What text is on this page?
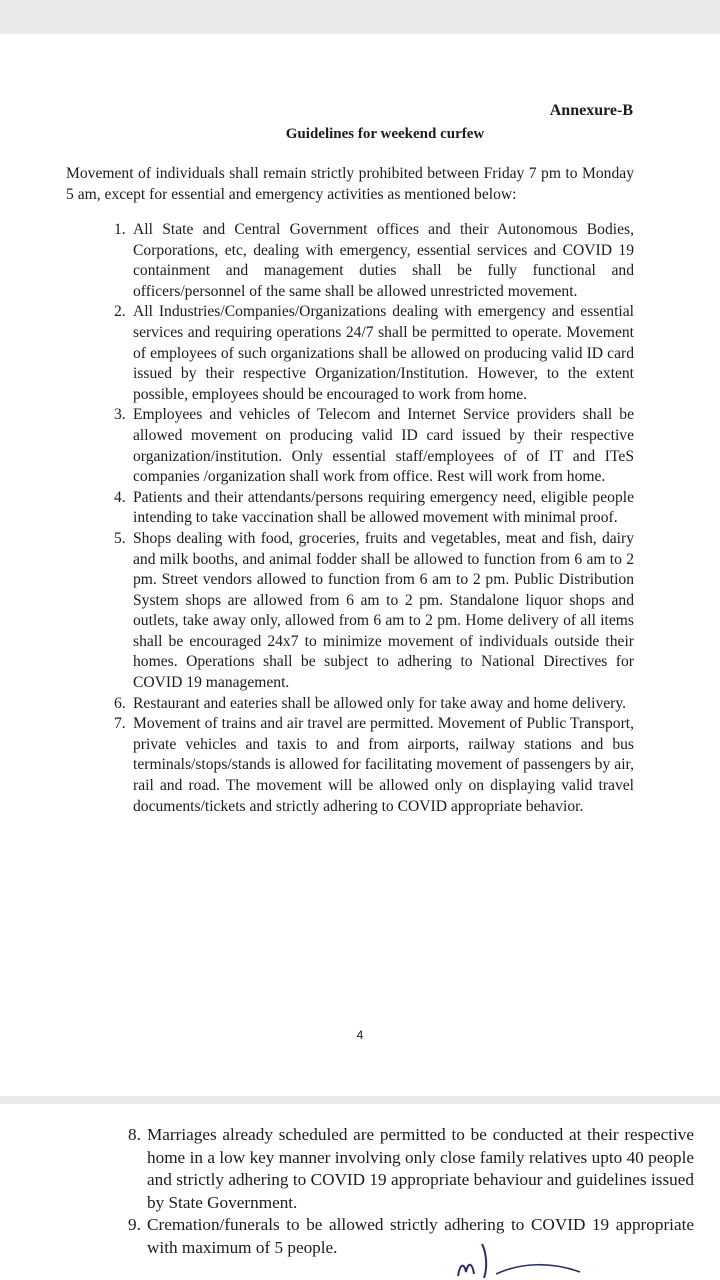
Annexure-B
Guidelines for weekend curfew
Movement of individuals shall remain strictly prohibited between Friday 7 pm to Monday 5 am, except for essential and emergency activities as mentioned below:
1. All State and Central Government offices and their Autonomous Bodies, Corporations, etc, dealing with emergency, essential services and COVID 19 containment and management duties shall be fully functional and officers/personnel of the same shall be allowed unrestricted movement.
2. All Industries/Companies/Organizations dealing with emergency and essential services and requiring operations 24/7 shall be permitted to operate. Movement of employees of such organizations shall be allowed on producing valid ID card issued by their respective Organization/Institution. However, to the extent possible, employees should be encouraged to work from home.
3. Employees and vehicles of Telecom and Internet Service providers shall be allowed movement on producing valid ID card issued by their respective organization/institution. Only essential staff/employees of of IT and ITeS companies /organization shall work from office. Rest will work from home.
4. Patients and their attendants/persons requiring emergency need, eligible people intending to take vaccination shall be allowed movement with minimal proof.
5. Shops dealing with food, groceries, fruits and vegetables, meat and fish, dairy and milk booths, and animal fodder shall be allowed to function from 6 am to 2 pm. Street vendors allowed to function from 6 am to 2 pm. Public Distribution System shops are allowed from 6 am to 2 pm. Standalone liquor shops and outlets, take away only, allowed from 6 am to 2 pm. Home delivery of all items shall be encouraged 24x7 to minimize movement of individuals outside their homes. Operations shall be subject to adhering to National Directives for COVID 19 management.
6. Restaurant and eateries shall be allowed only for take away and home delivery.
7. Movement of trains and air travel are permitted. Movement of Public Transport, private vehicles and taxis to and from airports, railway stations and bus terminals/stops/stands is allowed for facilitating movement of passengers by air, rail and road. The movement will be allowed only on displaying valid travel documents/tickets and strictly adhering to COVID appropriate behavior.
4
8. Marriages already scheduled are permitted to be conducted at their respective home in a low key manner involving only close family relatives upto 40 people and strictly adhering to COVID 19 appropriate behaviour and guidelines issued by State Government.
9. Cremation/funerals to be allowed strictly adhering to COVID 19 appropriate with maximum of 5 people.
